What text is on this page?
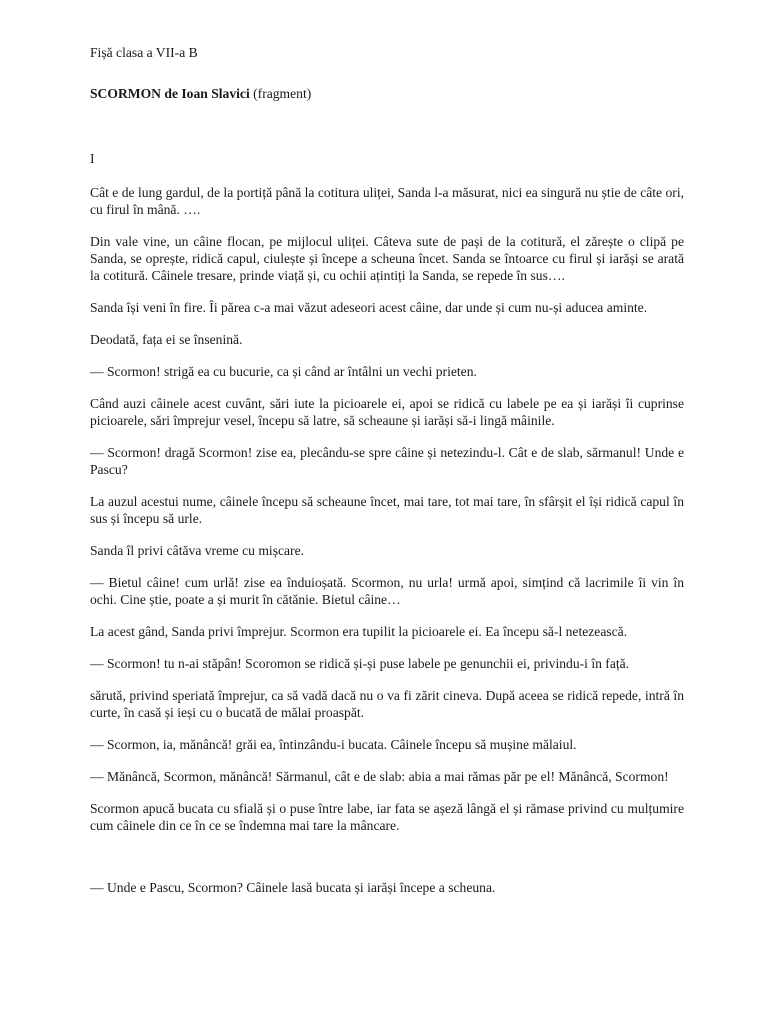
Fișă clasa a VII-a B

SCORMON de Ioan Slavici (fragment)

I

Cât e de lung gardul, de la portiță până la cotitura uliței, Sanda l-a măsurat, nici ea singură nu știe de câte ori, cu firul în mână. ….

Din vale vine, un câine flocan, pe mijlocul uliței. Câteva sute de pași de la cotitură, el zărește o clipă pe Sanda, se oprește, ridică capul, ciulește și începe a scheuna încet. Sanda se întoarce cu firul și iarăși se arată la cotitură. Câinele tresare, prinde viață și, cu ochii ațintiți la Sanda, se repede în sus….

Sanda își veni în fire. Îi părea c-a mai văzut adeseori acest câine, dar unde și cum nu-și aducea aminte.

Deodată, fața ei se însenină.

— Scormon! strigă ea cu bucurie, ca și când ar întâlni un vechi prieten.

Când auzi câinele acest cuvânt, sări iute la picioarele ei, apoi se ridică cu labele pe ea și iarăși îi cuprinse picioarele, sări împrejur vesel, începu să latre, să scheaune și iarăși să-i lingă mâinile.

— Scormon! dragă Scormon! zise ea, plecându-se spre câine și netezindu-l. Cât e de slab, sărmanul! Unde e Pascu?

La auzul acestui nume, câinele începu să scheaune încet, mai tare, tot mai tare, în sfârșit el își ridică capul în sus și începu să urle.

Sanda îl privi câtăva vreme cu mișcare.

— Bietul câine! cum urlă! zise ea înduioșată. Scormon, nu urla! urmă apoi, simțind că lacrimile îi vin în ochi. Cine știe, poate a și murit în cătănie. Bietul câine…

La acest gând, Sanda privi împrejur. Scormon era tupilit la picioarele ei. Ea începu să-l netezească.

— Scormon! tu n-ai stăpân! Scoromon se ridică și-și puse labele pe genunchii ei, privindu-i în față.

sărută, privind speriată împrejur, ca să vadă dacă nu o va fi zărit cineva. După aceea se ridică repede, intră în curte, în casă și ieși cu o bucată de mălai proaspăt.

— Scormon, ia, mănâncă! grăi ea, întinzându-i bucata. Câinele începu să mușine mălaiul.

— Mănâncă, Scormon, mănâncă! Sărmanul, cât e de slab: abia a mai rămas păr pe el! Mănâncă, Scormon!

Scormon apucă bucata cu sfială și o puse între labe, iar fata se așeză lângă el și rămase privind cu mulțumire cum câinele din ce în ce se îndemna mai tare la mâncare.

— Unde e Pascu, Scormon? Câinele lasă bucata și iarăși începe a scheuna.
